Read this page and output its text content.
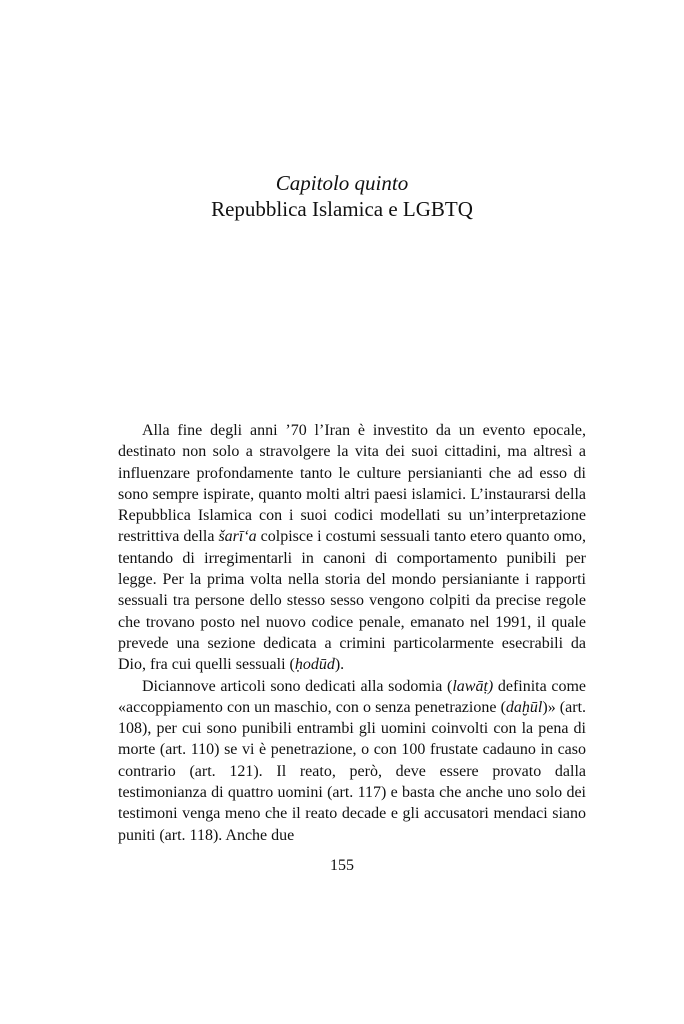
Capitolo quinto
Repubblica Islamica e LGBTQ

Alla fine degli anni ’70 l’Iran è investito da un evento epocale, destinato non solo a stravolgere la vita dei suoi cittadini, ma altresì a influenzare profondamente tanto le culture persianianti che ad esso di sono sempre ispirate, quanto molti altri paesi islamici. L’instaurarsi della Repubblica Islamica con i suoi codici modellati su un’interpretazione restrittiva della šarī‘a colpisce i costumi sessuali tanto etero quanto omo, tentando di irregimentarli in canoni di comportamento punibili per legge. Per la prima volta nella storia del mondo persianiante i rapporti sessuali tra persone dello stesso sesso vengono colpiti da precise regole che trovano posto nel nuovo codice penale, emanato nel 1991, il quale prevede una sezione dedicata a crimini particolarmente esecrabili da Dio, fra cui quelli sessuali (ḥodūd).

Diciannove articoli sono dedicati alla sodomia (lawāṭ) definita come «accoppiamento con un maschio, con o senza penetrazione (daḫūl)» (art. 108), per cui sono punibili entrambi gli uomini coinvolti con la pena di morte (art. 110) se vi è penetrazione, o con 100 frustate cadauno in caso contrario (art. 121). Il reato, però, deve essere provato dalla testimonianza di quattro uomini (art. 117) e basta che anche uno solo dei testimoni venga meno che il reato decade e gli accusatori mendaci siano puniti (art. 118). Anche due

155
